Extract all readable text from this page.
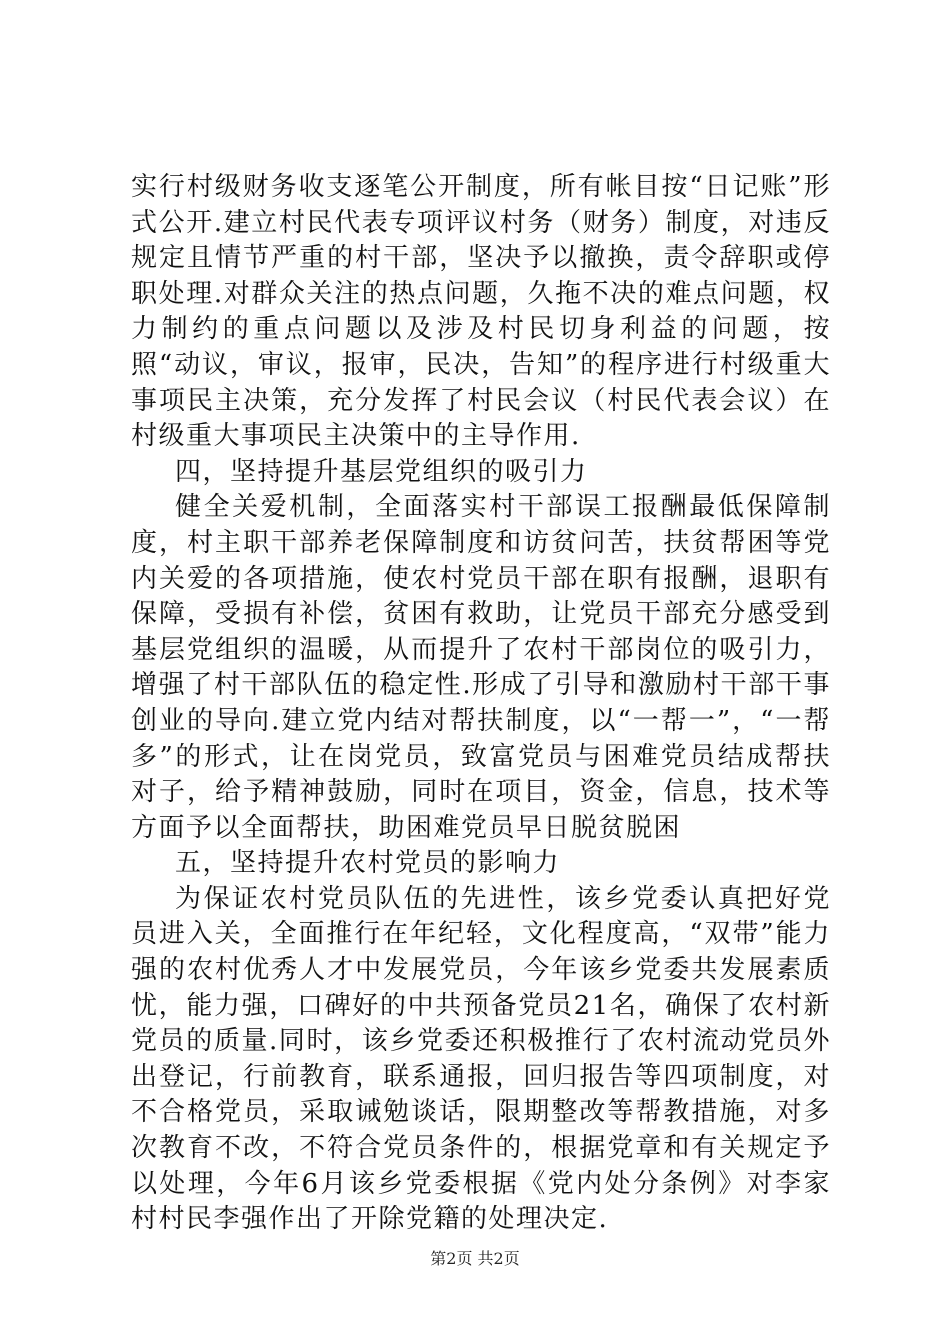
实行村级财务收支逐笔公开制度，所有帐目按“日记账”形式公开.建立村民代表专项评议村务（财务）制度，对违反规定且情节严重的村干部，坚决予以撤换，责令辞职或停职处理.对群众关注的热点问题，久拖不决的难点问题，权力制约的重点问题以及涉及村民切身利益的问题，按照“动议，审议，报审，民决，告知”的程序进行村级重大事项民主决策，充分发挥了村民会议（村民代表会议）在村级重大事项民主决策中的主导作用.

四，坚持提升基层党组织的吸引力

健全关爱机制，全面落实村干部误工报酬最低保障制度，村主职干部养老保障制度和访贫问苦，扶贫帮困等党内关爱的各项措施，使农村党员干部在职有报酬，退职有保障，受损有补偿，贫困有救助，让党员干部充分感受到基层党组织的温暖，从而提升了农村干部岗位的吸引力，增强了村干部队伍的稳定性.形成了引导和激励村干部干事创业的导向.建立党内结对帮扶制度，以“一帮一”，“一帮多”的形式，让在岗党员，致富党员与困难党员结成帮扶对子，给予精神鼓励，同时在项目，资金，信息，技术等方面予以全面帮扶，助困难党员早日脱贫脱困

五，坚持提升农村党员的影响力

为保证农村党员队伍的先进性，该乡党委认真把好党员进入关，全面推行在年纪轻，文化程度高，“双带”能力强的农村优秀人才中发展党员，今年该乡党委共发展素质忧，能力强，口碑好的中共预备党员21名，确保了农村新党员的质量.同时，该乡党委还积极推行了农村流动党员外出登记，行前教育，联系通报，回归报告等四项制度，对不合格党员，采取诫勉谈话，限期整改等帮教措施，对多次教育不改，不符合党员条件的，根据党章和有关规定予以处理，今年6月该乡党委根据《党内处分条例》对李家村村民李强作出了开除党籍的处理决定.

第2页 共2页
